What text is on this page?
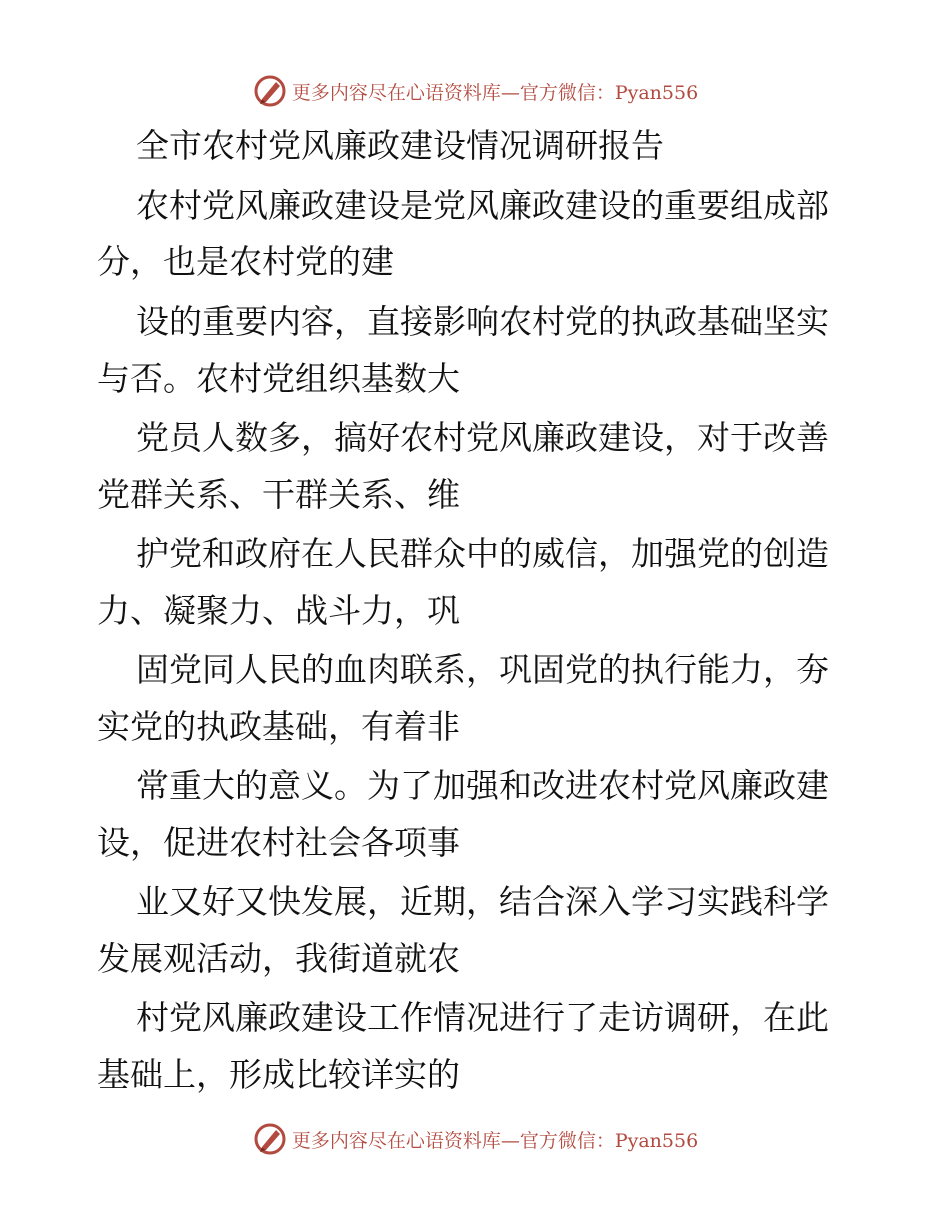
更多内容尽在心语资料库—官方微信：Pyan556

全市农村党风廉政建设情况调研报告

农村党风廉政建设是党风廉政建设的重要组成部

分，也是农村党的建

设的重要内容，直接影响农村党的执政基础坚实

与否。农村党组织基数大

党员人数多，搞好农村党风廉政建设，对于改善

党群关系、干群关系、维

护党和政府在人民群众中的威信，加强党的创造

力、凝聚力、战斗力，巩

固党同人民的血肉联系，巩固党的执行能力，夯

实党的执政基础，有着非

常重大的意义。为了加强和改进农村党风廉政建

设，促进农村社会各项事

业又好又快发展，近期，结合深入学习实践科学

发展观活动，我街道就农

村党风廉政建设工作情况进行了走访调研，在此

基础上，形成比较详实的

更多内容尽在心语资料库—官方微信：Pyan556
